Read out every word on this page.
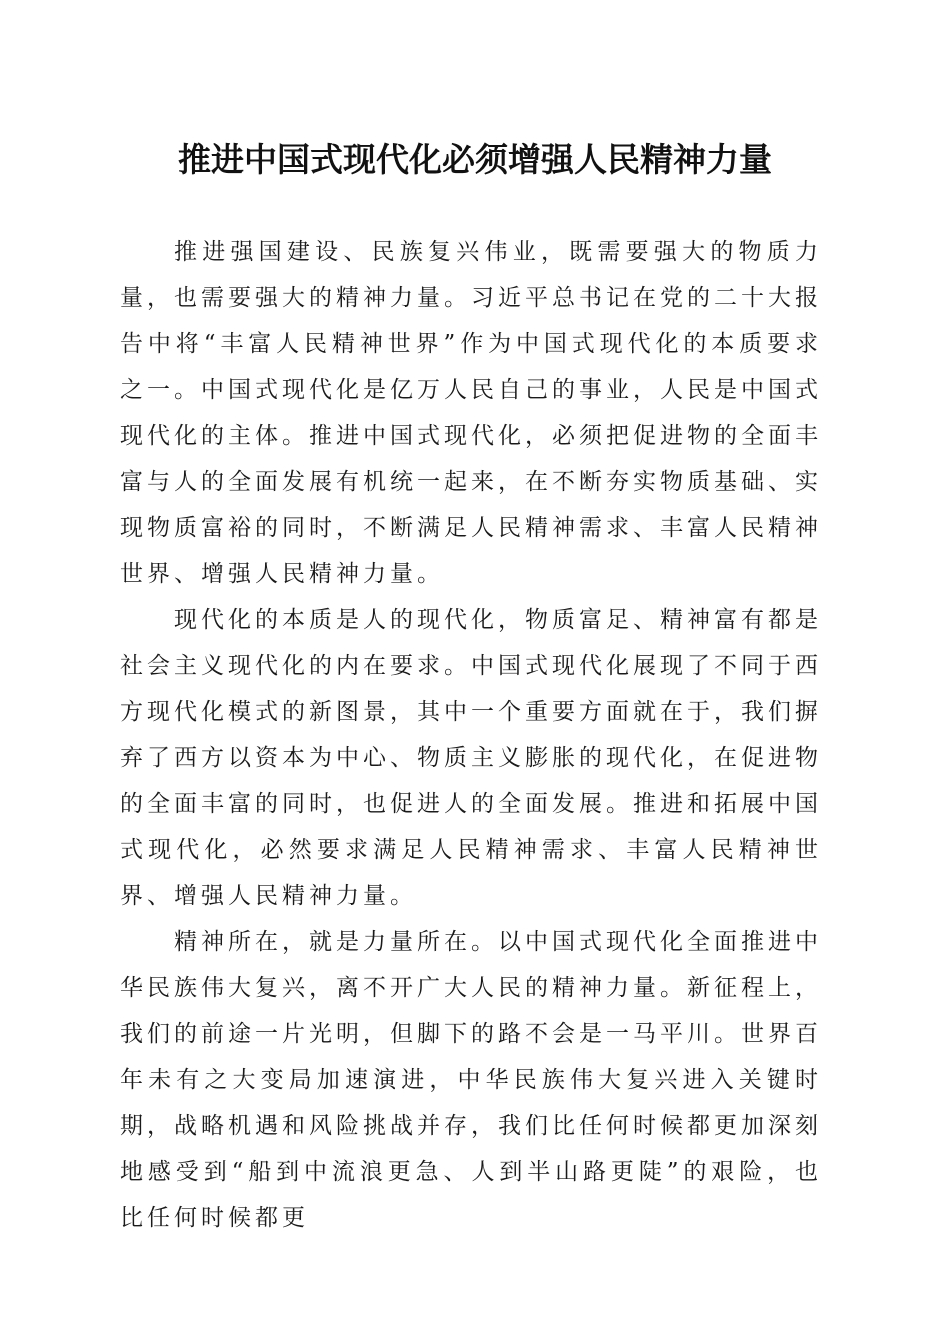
推进中国式现代化必须增强人民精神力量

推进强国建设、民族复兴伟业，既需要强大的物质力量，也需要强大的精神力量。习近平总书记在党的二十大报告中将“丰富人民精神世界”作为中国式现代化的本质要求之一。中国式现代化是亿万人民自己的事业，人民是中国式现代化的主体。推进中国式现代化，必须把促进物的全面丰富与人的全面发展有机统一起来，在不断夯实物质基础、实现物质富裕的同时，不断满足人民精神需求、丰富人民精神世界、增强人民精神力量。

现代化的本质是人的现代化，物质富足、精神富有都是社会主义现代化的内在要求。中国式现代化展现了不同于西方现代化模式的新图景，其中一个重要方面就在于，我们摒弃了西方以资本为中心、物质主义膨胀的现代化，在促进物的全面丰富的同时，也促进人的全面发展。推进和拓展中国式现代化，必然要求满足人民精神需求、丰富人民精神世界、增强人民精神力量。

精神所在，就是力量所在。以中国式现代化全面推进中华民族伟大复兴，离不开广大人民的精神力量。新征程上，我们的前途一片光明，但脚下的路不会是一马平川。世界百年未有之大变局加速演进，中华民族伟大复兴进入关键时期，战略机遇和风险挑战并存，我们比任何时候都更加深刻地感受到“船到中流浪更急、人到半山路更陡”的艰险，也比任何时候都更
